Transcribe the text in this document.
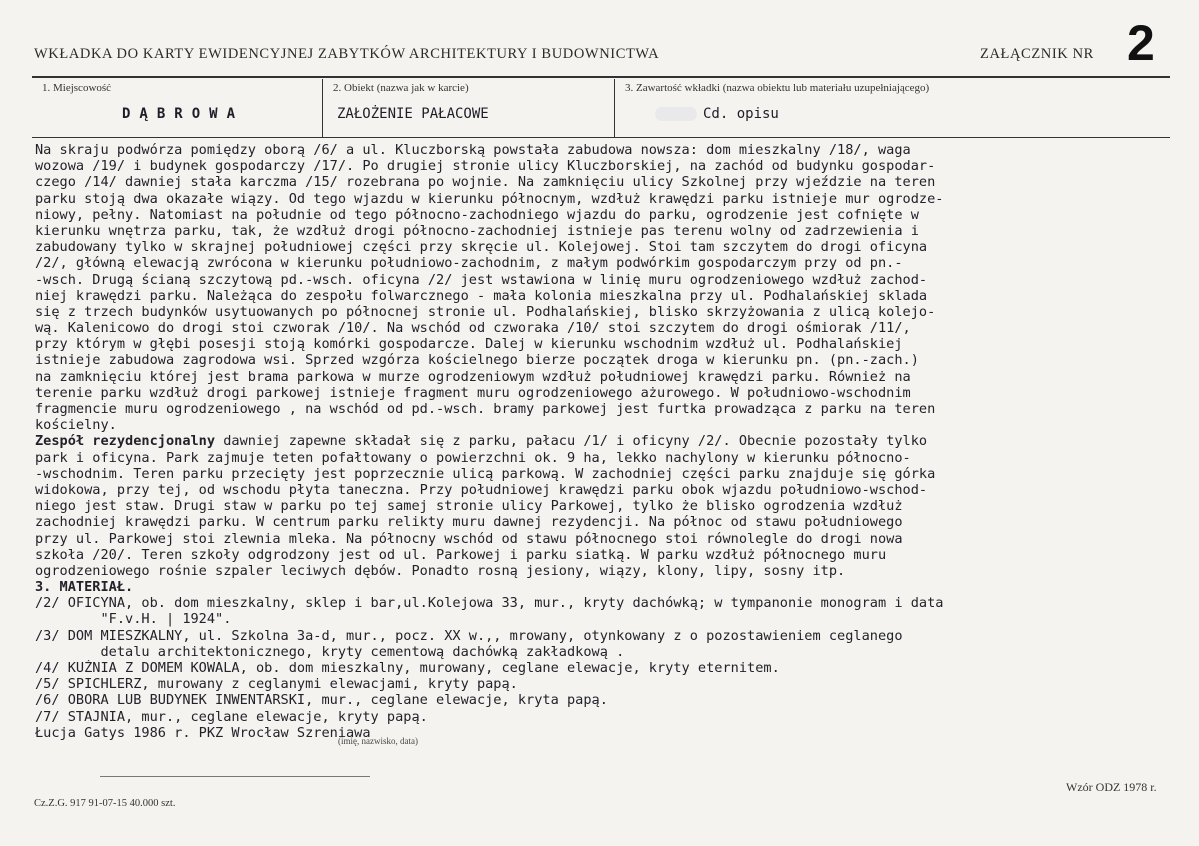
WKŁADKA DO KARTY EWIDENCYJNEJ ZABYTKÓW ARCHITEKTURY I BUDOWNICTWA	ZAŁĄCZNIK NR 2
1. Miejscowość
DĄBROWA
2. Obiekt (nazwa jak w karcie)
ZAŁOŻENIE PAŁACOWE
3. Zawartość wkładki (nazwa obiektu lub materiału uzupełniającego)
Cd. opisu
Na skraju podwórza pomiędzy oborą /6/ a ul. Kluczborską powstała zabudowa nowsza: dom mieszkalny /18/, waga
wozowa /19/ i budynek gospodarczy /17/. Po drugiej stronie ulicy Kluczborskiej, na zachód od budynku gospodar-
czego /14/ dawniej stała karczma /15/ rozebrana po wojnie. Na zamknięciu ulicy Szkolnej przy wjeździe na teren
parku stoją dwa okazałe wiązy. Od tego wjazdu w kierunku północnym, wzdłuż krawędzi parku istnieje mur ogrodze-
niowy, pełny. Natomiast na południe od tego północno-zachodniego wjazdu do parku, ogrodzenie jest cofnięte w
kierunku wnętrza parku, tak, że wzdłuż drogi północno-zachodniej istnieje pas terenu wolny od zadrzewienia i
zabudowany tylko w skrajnej południowej części przy skręcie ul. Kolejowej. Stoi tam szczytem do drogi oficyna
/2/, główną elewacją zwrócona w kierunku południowo-zachodnim, z małym podwórkim gospodarczym przy od pn.-
-wsch. Drugą ścianą szczytową pd.-wsch. oficyna /2/ jest wstawiona w linię muru ogrodzeniowego wzdłuż zachod-
niej krawędzi parku. Należąca do zespołu folwarcznego - mała kolonia mieszkalna przy ul. Podhalańskiej sklada
się z trzech budynków usytuowanych po północnej stronie ul. Podhalańskiej, blisko skrzyżowania z ulicą kolejo-
wą. Kalenicowo do drogi stoi czworak /10/. Na wschód od czworaka /10/ stoi szczytem do drogi ośmiorak /11/,
przy którym w głębi posesji stoją komórki gospodarcze. Dalej w kierunku wschodnim wzdłuż ul. Podhalańskiej
istnieje zabudowa zagrodowa wsi. Sprzed wzgórza kościelnego bierze początek droga w kierunku pn. (pn.-zach.)
na zamknięciu której jest brama parkowa w murze ogrodzeniowym wzdłuż południowej krawędzi parku. Również na
terenie parku wzdłuż drogi parkowej istnieje fragment muru ogrodzeniowego ażurowego. W południowo-wschodnim
fragmencie muru ogrodzeniowego , na wschód od pd.-wsch. bramy parkowej jest furtka prowadząca z parku na teren
kościelny.
Zespół rezydencjonalny dawniej zapewne składał się z parku, pałacu /1/ i oficyny /2/. Obecnie pozostały tylko
park i oficyna. Park zajmuje teten pofałtowany o powierzchni ok. 9 ha, lekko nachylony w kierunku północno-
-wschodnim. Teren parku przecięty jest poprzecznie ulicą parkową. W zachodniej części parku znajduje się górka
widokowa, przy tej, od wschodu płyta taneczna. Przy południowej krawędzi parku obok wjazdu południowo-wschod-
niego jest staw. Drugi staw w parku po tej samej stronie ulicy Parkowej, tylko że blisko ogrodzenia wzdłuż
zachodniej krawędzi parku. W centrum parku relikty muru dawnej rezydencji. Na północ od stawu południowego
przy ul. Parkowej stoi zlewnia mleka. Na północny wschód od stawu północnego stoi równolegle do drogi nowa
szkoła /20/. Teren szkoły odgrodzony jest od ul. Parkowej i parku siatką. W parku wzdłuż północnego muru
ogrodzeniowego rośnie szpaler leciwych dębów. Ponadto rosną jesiony, wiązy, klony, lipy, sosny itp.
3. MATERIAŁ.
/2/ OFICYNA, ob. dom mieszkalny, sklep i bar,ul.Kolejowa 33, mur., kryty dachówką; w tympanonie monogram i data
"F.v.H. | 1924".
/3/ DOM MIESZKALNY, ul. Szkolna 3a-d, mur., pocz. XX w.,, mrowany, otynkowany z o pozostawieniem ceglanego
detalu architektonicznego, kryty cementową dachówką zakładkową .
/4/ KUŹNIA Z DOMEM KOWALA, ob. dom mieszkalny, murowany, ceglane elewacje, kryty eternitem.
/5/ SPICHLERZ, murowany z ceglanymi elewacjami, kryty papą.
/6/ OBORA LUB BUDYNEK INWENTARSKI, mur., ceglane elewacje, kryta papą.
/7/ STAJNIA, mur., ceglane elewacje, kryty papą.
Łucja Gatys 1986 r. PKZ Wrocław Szreniawa
(imię, nazwisko, data)
Wzór ODZ 1978 r.
Cz.Z.G. 917 91-07-15 40.000 szt.
